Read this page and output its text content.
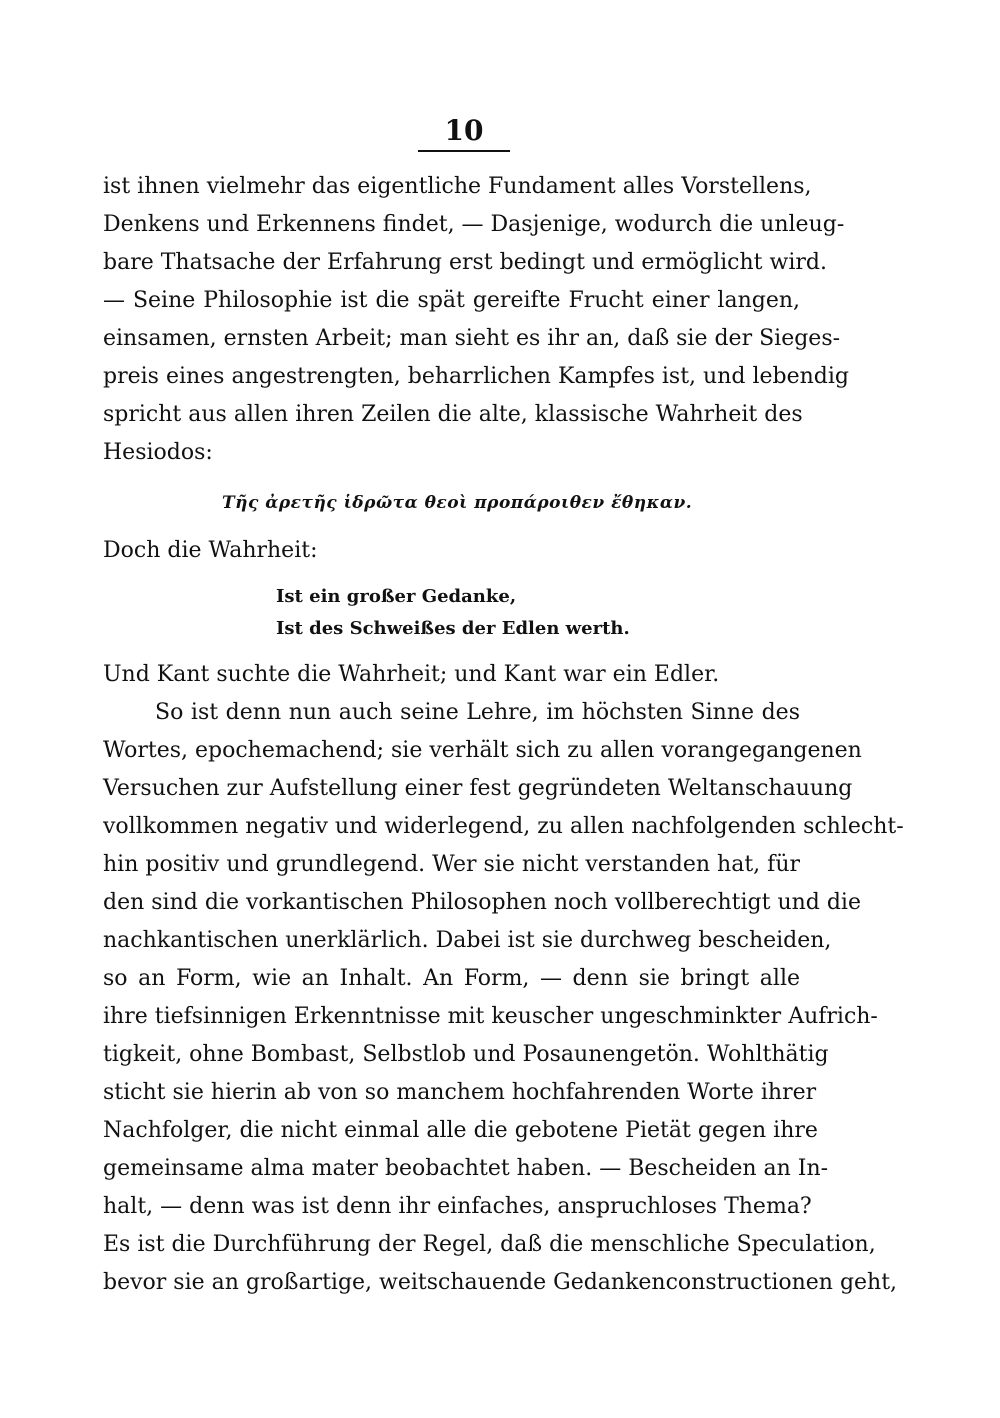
10
ist ihnen vielmehr das eigentliche Fundament alles Vorstellens,
Denkens und Erkennens findet, — Dasjenige, wodurch die unleug-
bare Thatsache der Erfahrung erst bedingt und ermöglicht wird.
— Seine Philosophie ist die spät gereifte Frucht einer langen,
einsamen, ernsten Arbeit; man sieht es ihr an, daß sie der Sieges-
preis eines angestrengten, beharrlichen Kampfes ist, und lebendig
spricht aus allen ihren Zeilen die alte, klassische Wahrheit des
Hesiodos:
Τῆς ἀρετῆς ἱδρῶτα θεοὶ προπάροιθεν ἔθηκαν.
Doch die Wahrheit:
Ist ein großer Gedanke,
Ist des Schweißes der Edlen werth.
Und Kant suchte die Wahrheit; und Kant war ein Edler.
So ist denn nun auch seine Lehre, im höchsten Sinne des
Wortes, epochemachend; sie verhält sich zu allen vorangegangenen
Versuchen zur Aufstellung einer fest gegründeten Weltanschauung
vollkommen negativ und widerlegend, zu allen nachfolgenden schlecht-
hin positiv und grundlegend. Wer sie nicht verstanden hat, für
den sind die vorkantischen Philosophen noch vollberechtigt und die
nachkantischen unerklärlich. Dabei ist sie durchweg bescheiden,
so an Form, wie an Inhalt. An Form, — denn sie bringt alle
ihre tiefsinnigen Erkenntnisse mit keuscher ungeschminkter Aufrich-
tigkeit, ohne Bombast, Selbstlob und Posaunengetön. Wohlthätig
sticht sie hierin ab von so manchem hochfahrenden Worte ihrer
Nachfolger, die nicht einmal alle die gebotene Pietät gegen ihre
gemeinsame alma mater beobachtet haben. — Bescheiden an In-
halt, — denn was ist denn ihr einfaches, anspruchloses Thema?
Es ist die Durchführung der Regel, daß die menschliche Speculation,
bevor sie an großartige, weitschauende Gedankenconstructionen geht,
